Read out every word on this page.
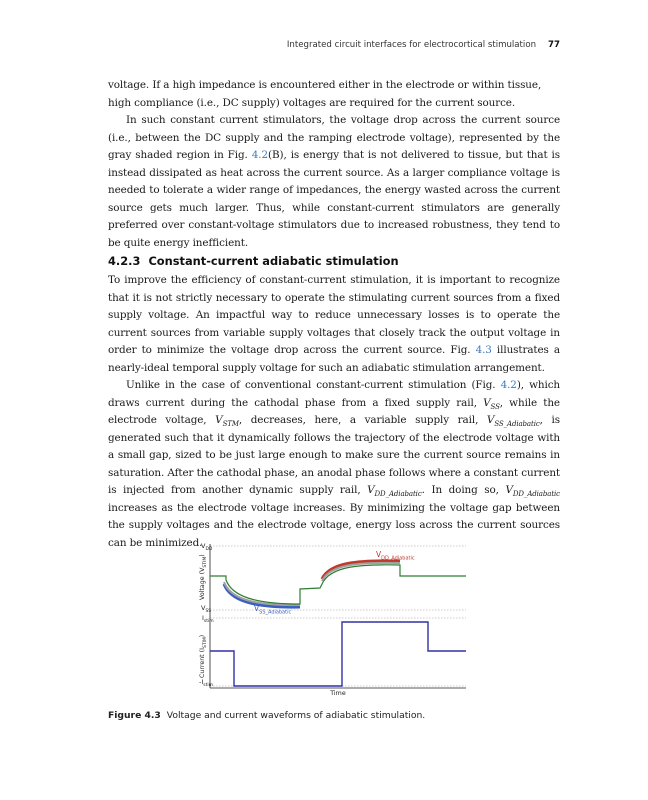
Integrated circuit interfaces for electrocortical stimulation 77

voltage. If a high impedance is encountered either in the electrode or within tissue,

high compliance (i.e., DC supply) voltages are required for the current source.

In such constant current stimulators, the voltage drop across the current source (i.e., between the DC supply and the ramping electrode voltage), represented by the gray shaded region in Fig. 4.2(B), is energy that is not delivered to tissue, but that is instead dissipated as heat across the current source. As a larger compliance voltage is needed to tolerate a wider range of impedances, the energy wasted across the current source gets much larger. Thus, while constant-current stimulators are generally preferred over constant-voltage stimulators due to increased robustness, they tend to be quite energy inefficient.

4.2.3 Constant-current adiabatic stimulation

To improve the efficiency of constant-current stimulation, it is important to recognize that it is not strictly necessary to operate the stimulating current sources from a fixed supply voltage. An impactful way to reduce unnecessary losses is to operate the current sources from variable supply voltages that closely track the output voltage in order to minimize the voltage drop across the current source. Fig. 4.3 illustrates a nearly-ideal temporal supply voltage for such an adiabatic stimulation arrangement.

Unlike in the case of conventional constant-current stimulation (Fig. 4.2), which draws current during the cathodal phase from a fixed supply rail, $V_{SS}$, while the electrode voltage, $V_{STM}$, decreases, here, a variable supply rail, $V_{SS\_Adiabatic}$, is generated such that it dynamically follows the trajectory of the electrode voltage with a small gap, sized to be just large enough to make sure the current source remains in saturation. After the cathodal phase, an anodal phase follows where a constant current is injected from another dynamic supply rail, $V_{DD\_Adiabatic}$. In doing so, $V_{DD\_Adiabatic}$ increases as the electrode voltage increases. By minimizing the voltage gap between the supply voltages and the electrode voltage, energy loss across the current sources can be minimized.

$V_{DD}$
$V_{SS}$
$I_{stim}$
$-I_{stim}$
Voltage $(V_{STIM})$
Current $(I_{STIM})$
$V_{DD\_Adiabatic}$
$V_{SS\_Adiabatic}$
Time
Figure 4.3 Voltage and current waveforms of adiabatic stimulation.
